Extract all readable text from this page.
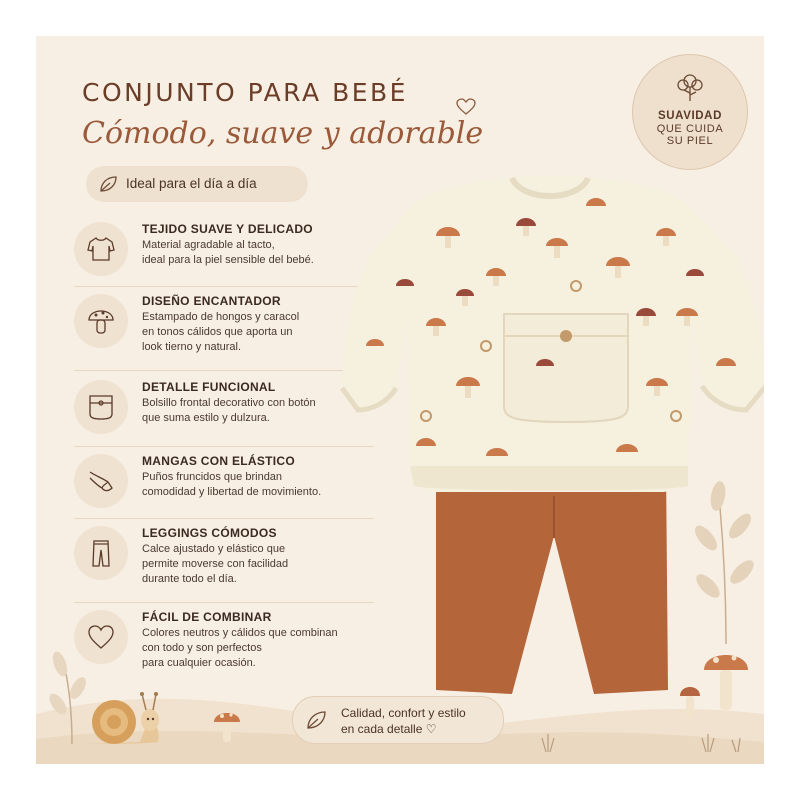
CONJUNTO PARA BEBÉ
Cómodo, suave y adorable	SUAVIDAD
QUE CUIDA
SU PIEL
Ideal para el día a día
TEJIDO SUAVE Y DELICADO
Material agradable al tacto,
ideal para la piel sensible del bebé.
DISEÑO ENCANTADOR
Estampado de hongos y caracol
en tonos cálidos que aporta un
look tierno y natural.
DETALLE FUNCIONAL
Bolsillo frontal decorativo con botón
que suma estilo y dulzura.
MANGAS CON ELÁSTICO
Puños fruncidos que brindan
comodidad y libertad de movimiento.
LEGGINGS CÓMODOS
Calce ajustado y elástico que
permite moverse con facilidad
durante todo el día.
FÁCIL DE COMBINAR
Colores neutros y cálidos que combinan
con todo y son perfectos
para cualquier ocasión.
Calidad, confort y estilo
en cada detalle ♡
